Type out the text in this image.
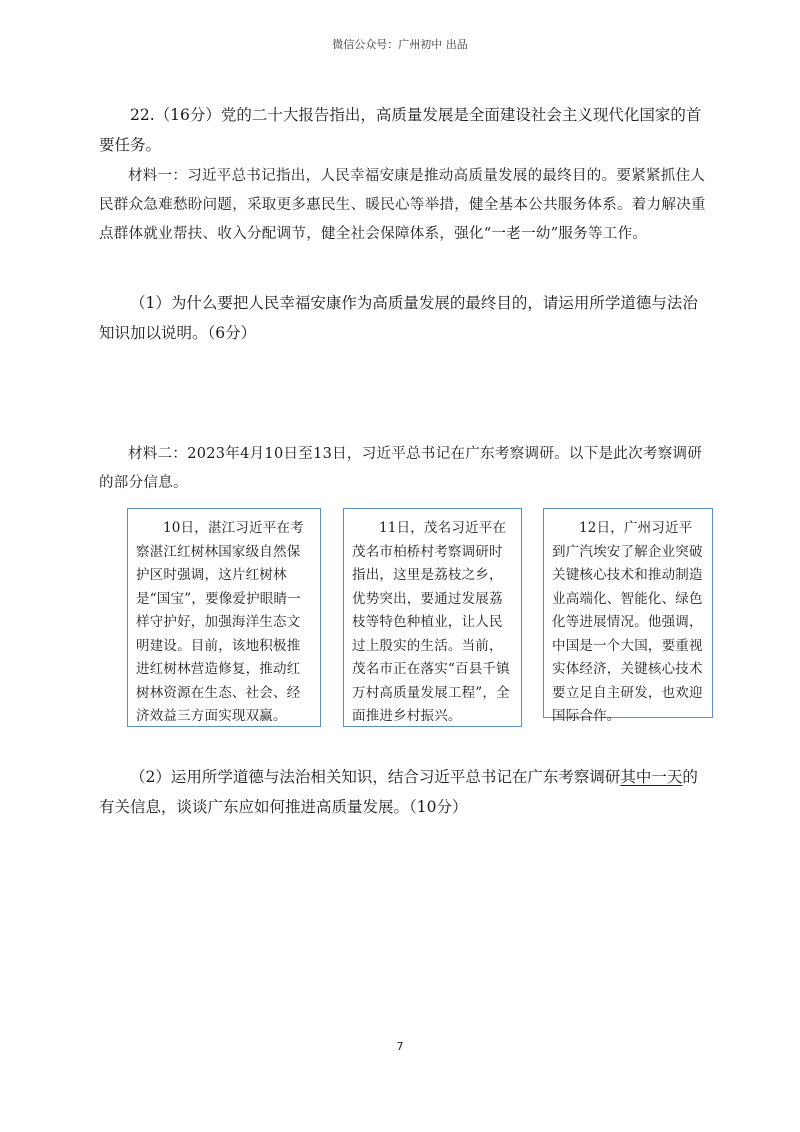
微信公众号：广州初中 出品

22.（16分）党的二十大报告指出，高质量发展是全面建设社会主义现代化国家的首要任务。

材料一：习近平总书记指出，人民幸福安康是推动高质量发展的最终目的。要紧紧抓住人民群众急难愁盼问题，采取更多惠民生、暖民心等举措，健全基本公共服务体系。着力解决重点群体就业帮扶、收入分配调节，健全社会保障体系，强化“一老一幼”服务等工作。

（1）为什么要把人民幸福安康作为高质量发展的最终目的，请运用所学道德与法治知识加以说明。（6分）

材料二：2023年4月10日至13日，习近平总书记在广东考察调研。以下是此次考察调研的部分信息。

10日，湛江习近平在考察湛江红树林国家级自然保护区时强调，这片红树林是“国宝”，要像爱护眼睛一样守护好，加强海洋生态文明建设。目前，该地积极推进红树林营造修复，推动红树林资源在生态、社会、经济效益三方面实现双赢。
11日，茂名习近平在茂名市柏桥村考察调研时指出，这里是荔枝之乡，优势突出，要通过发展荔枝等特色种植业，让人民过上殷实的生活。当前，茂名市正在落实“百县千镇万村高质量发展工程”，全面推进乡村振兴。
12日，广州习近平到广汽埃安了解企业突破关键核心技术和推动制造业高端化、智能化、绿色化等进展情况。他强调，中国是一个大国，要重视实体经济，关键核心技术要立足自主研发，也欢迎国际合作。

（2）运用所学道德与法治相关知识，结合习近平总书记在广东考察调研其中一天的有关信息，谈谈广东应如何推进高质量发展。（10分）

7
